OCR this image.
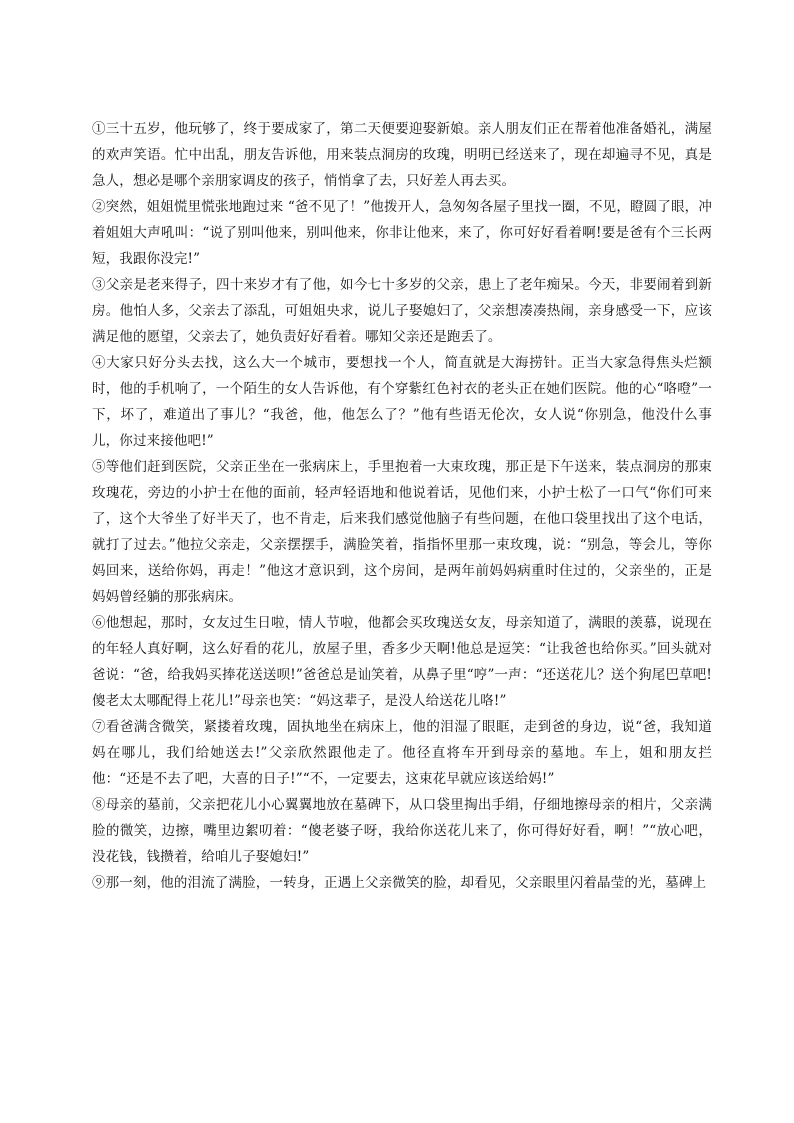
①三十五岁，他玩够了，终于要成家了，第二天便要迎娶新娘。亲人朋友们正在帮着他准备婚礼，满屋的欢声笑语。忙中出乱，朋友告诉他，用来装点洞房的玫瑰，明明已经送来了，现在却遍寻不见，真是急人，想必是哪个亲朋家调皮的孩子，悄悄拿了去，只好差人再去买。

②突然，姐姐慌里慌张地跑过来 “爸不见了！”他拨开人，急匆匆各屋子里找一圈，不见，瞪圆了眼，冲着姐姐大声吼叫：“说了别叫他来，别叫他来，你非让他来，来了，你可好好看着啊!要是爸有个三长两短，我跟你没完!”

③父亲是老来得子，四十来岁才有了他，如今七十多岁的父亲，患上了老年痴呆。今天，非要闹着到新房。他怕人多，父亲去了添乱，可姐姐央求，说儿子娶媳妇了，父亲想凑凑热闹，亲身感受一下，应该满足他的愿望，父亲去了，她负责好好看着。哪知父亲还是跑丢了。

④大家只好分头去找，这么大一个城市，要想找一个人，简直就是大海捞针。正当大家急得焦头烂额时，他的手机响了，一个陌生的女人告诉他，有个穿紫红色衬衣的老头正在她们医院。他的心“咯噔”一下，坏了，难道出了事儿？“我爸，他，他怎么了？”他有些语无伦次，女人说“你别急，他没什么事儿，你过来接他吧!”

⑤等他们赶到医院，父亲正坐在一张病床上，手里抱着一大束玫瑰，那正是下午送来，装点洞房的那束玫瑰花，旁边的小护士在他的面前，轻声轻语地和他说着话，见他们来，小护士松了一口气“你们可来了，这个大爷坐了好半天了，也不肯走，后来我们感觉他脑子有些问题，在他口袋里找出了这个电话，就打了过去。”他拉父亲走，父亲摆摆手，满脸笑着，指指怀里那一束玫瑰，说：“别急，等会儿，等你妈回来，送给你妈，再走！”他这才意识到，这个房间，是两年前妈妈病重时住过的，父亲坐的，正是妈妈曾经躺的那张病床。

⑥他想起，那时，女友过生日啦，情人节啦，他都会买玫瑰送女友，母亲知道了，满眼的羡慕，说现在的年轻人真好啊，这么好看的花儿，放屋子里，香多少天啊!他总是逗笑：“让我爸也给你买。”回头就对爸说：“爸，给我妈买捧花送送呗!”爸爸总是讪笑着，从鼻子里“哼”一声：“还送花儿？送个狗尾巴草吧!傻老太太哪配得上花儿!”母亲也笑：“妈这辈子，是没人给送花儿咯!”

⑦看爸满含微笑，紧搂着玫瑰，固执地坐在病床上，他的泪湿了眼眶，走到爸的身边，说“爸，我知道妈在哪儿，我们给她送去!”父亲欣然跟他走了。他径直将车开到母亲的墓地。车上，姐和朋友拦他：“还是不去了吧，大喜的日子!”“不，一定要去，这束花早就应该送给妈!”

⑧母亲的墓前，父亲把花儿小心翼翼地放在墓碑下，从口袋里掏出手绢，仔细地擦母亲的相片，父亲满脸的微笑，边擦，嘴里边絮叨着：“傻老婆子呀，我给你送花儿来了，你可得好好看，啊！”“放心吧，没花钱，钱攒着，给咱儿子娶媳妇!”

⑨那一刻，他的泪流了满脸，一转身，正遇上父亲微笑的脸，却看见，父亲眼里闪着晶莹的光，墓碑上
